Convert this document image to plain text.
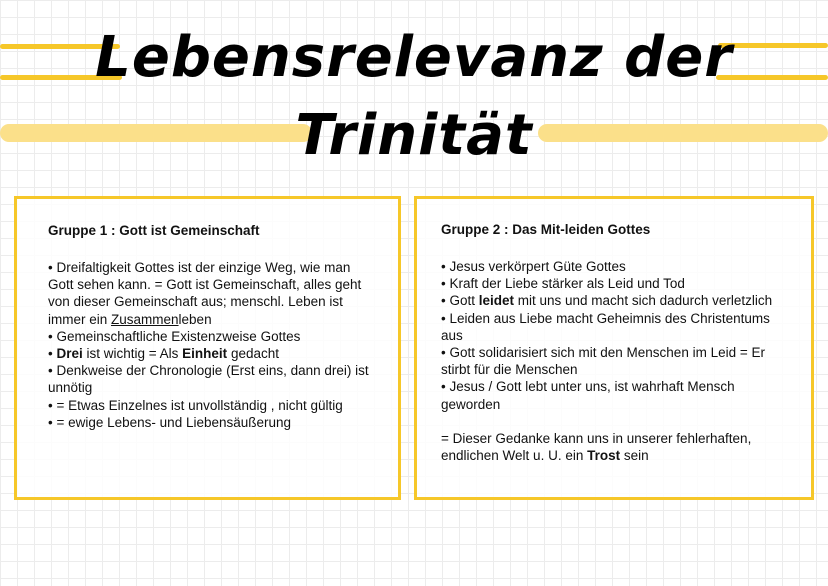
Lebensrelevanz der
Trinität
Gruppe 1 : Gott ist Gemeinschaft

• Dreifaltigkeit Gottes ist der einzige Weg, wie man Gott sehen kann. = Gott ist Gemeinschaft, alles geht von dieser Gemeinschaft aus; menschl. Leben ist immer ein Zusammenleben

• Gemeinschaftliche Existenzweise Gottes

• Drei ist wichtig = Als Einheit gedacht

• Denkweise der Chronologie (Erst eins, dann drei) ist unnötig

• = Etwas Einzelnes ist unvollständig , nicht gültig

• = ewige Lebens- und Liebensäußerung

Gruppe 2 : Das Mit-leiden Gottes

• Jesus verkörpert Güte Gottes

• Kraft der Liebe stärker als Leid und Tod

• Gott leidet mit uns und macht sich dadurch verletzlich

• Leiden aus Liebe macht Geheimnis des Christentums aus

• Gott solidarisiert sich mit den Menschen im Leid = Er stirbt für die Menschen

• Jesus / Gott lebt unter uns, ist wahrhaft Mensch geworden

= Dieser Gedanke kann uns in unserer fehlerhaften, endlichen Welt u. U. ein Trost sein
